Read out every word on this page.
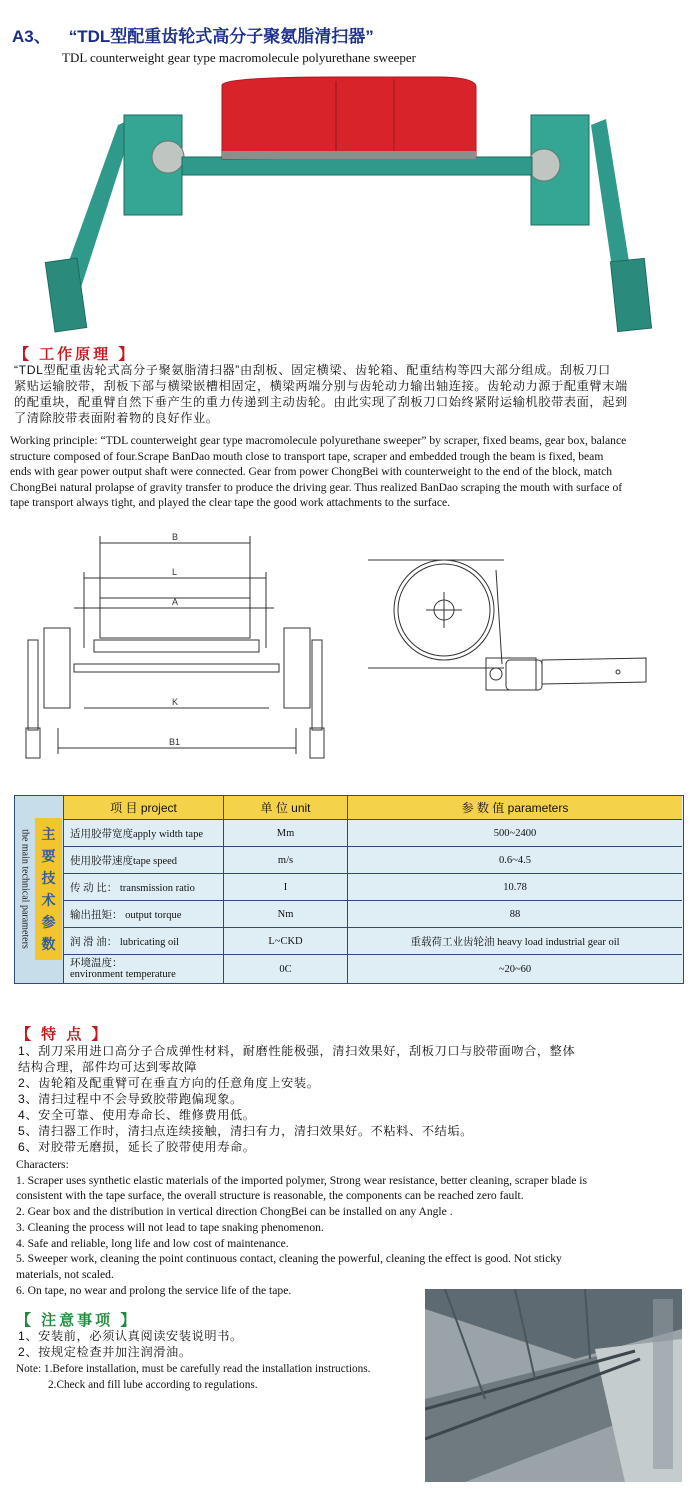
A3、 “TDL型配重齿轮式高分子聚氨脂清扫器”
TDL counterweight gear type macromolecule polyurethane sweeper
【 工作原理 】
“TDL型配重齿轮式高分子聚氨脂清扫器”由刮板、固定横梁、齿轮箱、配重结构等四大部分组成。刮板刀口
紧贴运输胶带，刮板下部与横梁嵌槽相固定，横梁两端分别与齿轮动力输出轴连接。齿轮动力源于配重臂末端
的配重块，配重臂自然下垂产生的重力传递到主动齿轮。由此实现了刮板刀口始终紧附运输机胶带表面，起到
了清除胶带表面附着物的良好作业。
Working principle: “TDL counterweight gear type macromolecule polyurethane sweeper” by scraper, fixed beams, gear box, balance
structure composed of four.Scrape BanDao mouth close to transport tape, scraper and embedded trough the beam is fixed, beam
ends with gear power output shaft were connected. Gear from power ChongBei with counterweight to the end of the block, match
ChongBei natural prolapse of gravity transfer to produce the driving gear. Thus realized BanDao scraping the mouth with surface of
tape transport always tight, and played the clear tape the good work attachments to the surface.
B
L
A
K
B1
the main technical parameters 主
要
技
术
参
数
项 目 project	单 位 unit	参 数 值 parameters
适用胶带宽度apply width tape	Mm	500~2400
使用胶带速度tape speed	m/s	0.6~4.5
传 动 比： transmission ratio	I	10.78
输出扭矩： output torque	Nm	88
润 滑 油： lubricating oil	L~CKD	重载荷工业齿轮油 heavy load industrial gear oil
环境温度：
environment temperature	0C	~20~60
【 特 点 】
1、刮刀采用进口高分子合成弹性材料，耐磨性能极强，清扫效果好，刮板刀口与胶带面吻合，整体
结构合理，部件均可达到零故障
2、齿轮箱及配重臂可在垂直方向的任意角度上安装。
3、清扫过程中不会导致胶带跑偏现象。
4、安全可靠、使用寿命长、维修费用低。
5、清扫器工作时，清扫点连续接触，清扫有力，清扫效果好。不粘料、不结垢。
6、对胶带无磨损，延长了胶带使用寿命。
Characters:
1. Scraper uses synthetic elastic materials of the imported polymer, Strong wear resistance, better cleaning, scraper blade is
consistent with the tape surface, the overall structure is reasonable, the components can be reached zero fault.
2. Gear box and the distribution in vertical direction ChongBei can be installed on any Angle .
3. Cleaning the process will not lead to tape snaking phenomenon.
4. Safe and reliable, long life and low cost of maintenance.
5. Sweeper work, cleaning the point continuous contact, cleaning the powerful, cleaning the effect is good. Not sticky
materials, not scaled.
6. On tape, no wear and prolong the service life of the tape.
【 注意事项 】
1、安装前，必须认真阅读安装说明书。
2、按规定检查并加注润滑油。
Note: 1.Before installation, must be carefully read the installation instructions.
2.Check and fill lube according to regulations.
